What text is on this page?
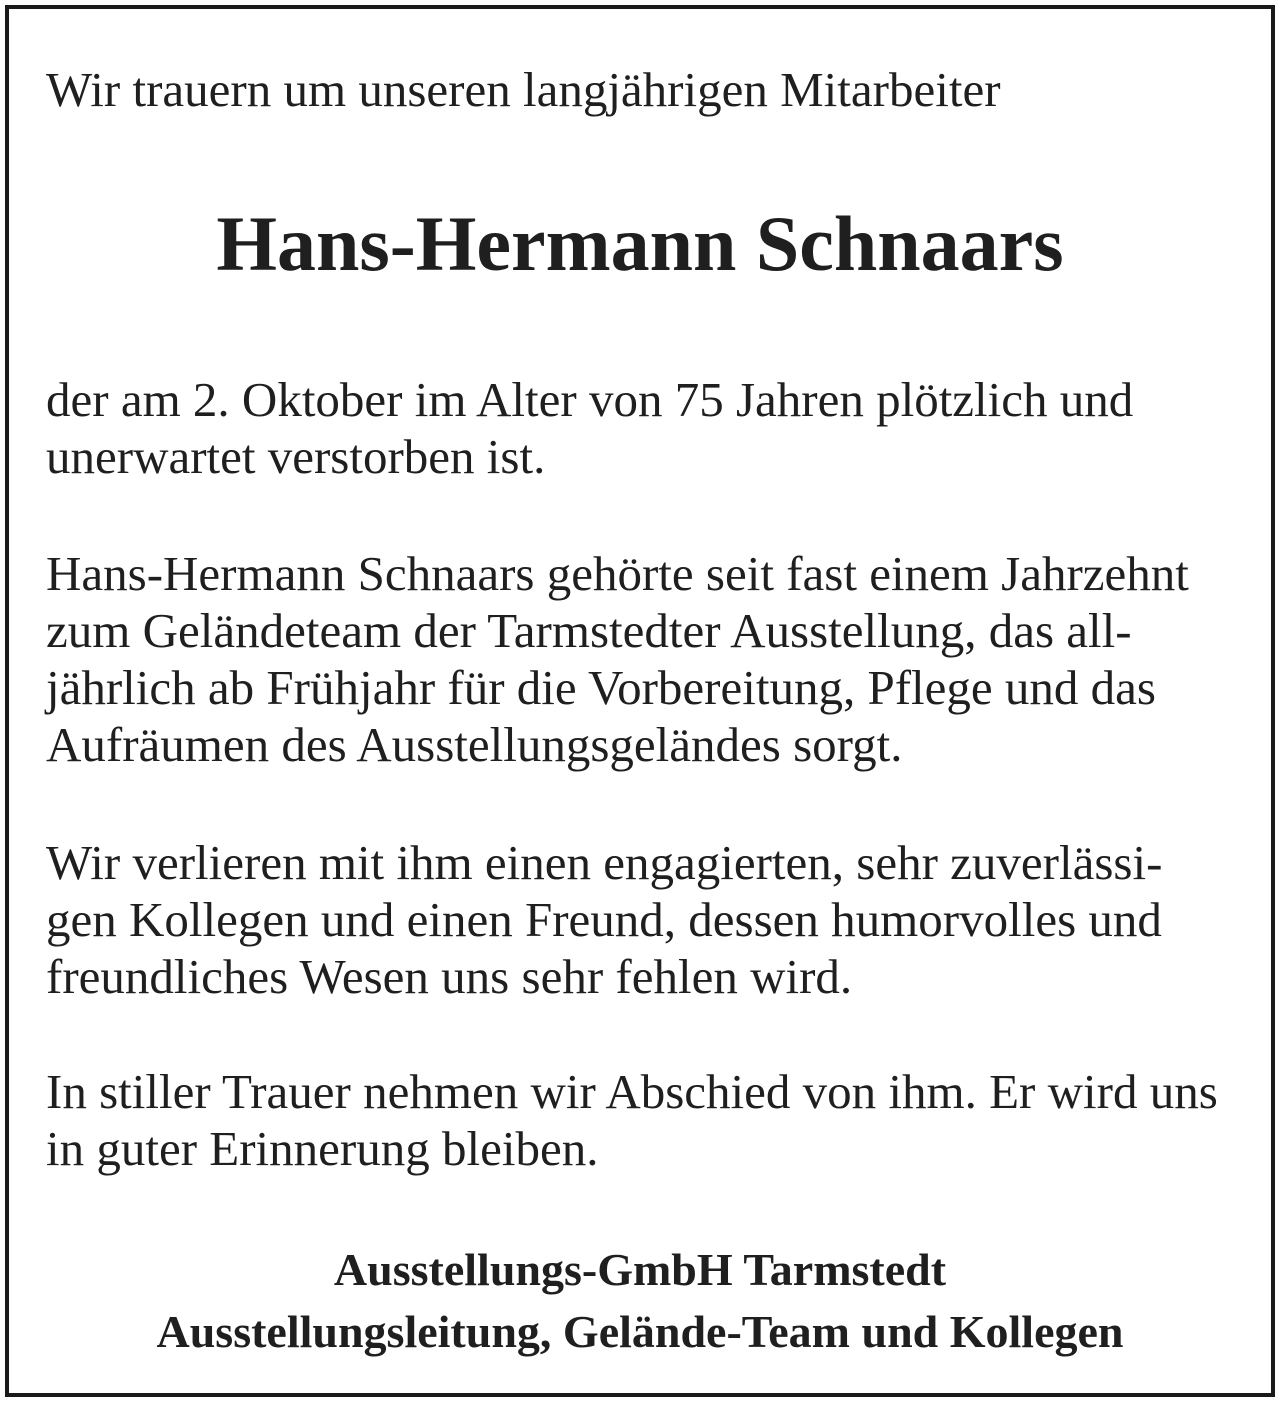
Wir trauern um unseren langjährigen Mitarbeiter

Hans-Hermann Schnaars

der am 2. Oktober im Alter von 75 Jahren plötzlich und
unerwartet verstorben ist.

Hans-Hermann Schnaars gehörte seit fast einem Jahrzehnt
zum Geländeteam der Tarmstedter Ausstellung, das all-
jährlich ab Frühjahr für die Vorbereitung, Pflege und das
Aufräumen des Ausstellungsgeländes sorgt.

Wir verlieren mit ihm einen engagierten, sehr zuverlässi-
gen Kollegen und einen Freund, dessen humorvolles und
freundliches Wesen uns sehr fehlen wird.

In stiller Trauer nehmen wir Abschied von ihm. Er wird uns
in guter Erinnerung bleiben.

Ausstellungs-GmbH Tarmstedt
Ausstellungsleitung, Gelände-Team und Kollegen
